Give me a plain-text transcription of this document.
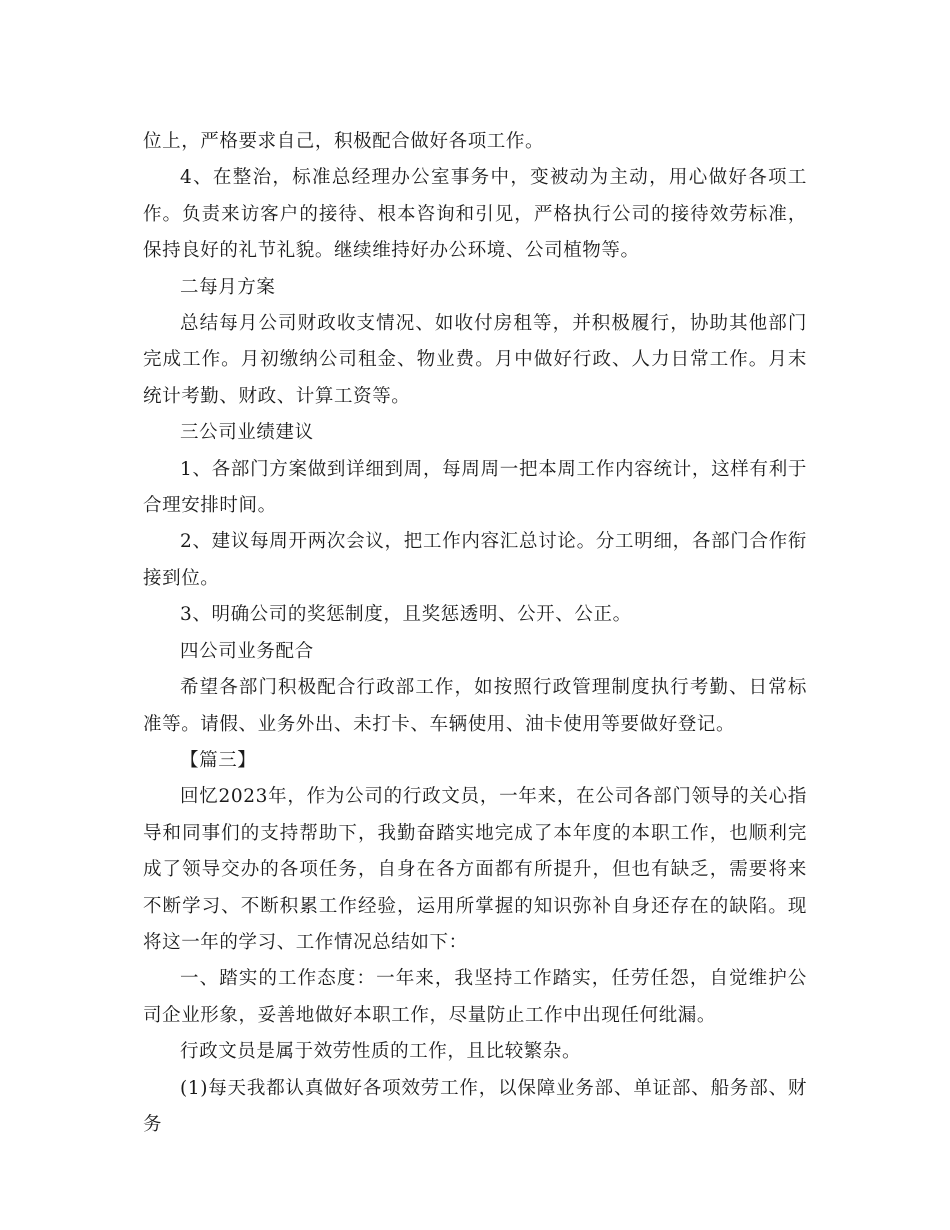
位上，严格要求自己，积极配合做好各项工作。

4、在整治，标准总经理办公室事务中，变被动为主动，用心做好各项工作。负责来访客户的接待、根本咨询和引见，严格执行公司的接待效劳标准，保持良好的礼节礼貌。继续维持好办公环境、公司植物等。

二每月方案

总结每月公司财政收支情况、如收付房租等，并积极履行，协助其他部门完成工作。月初缴纳公司租金、物业费。月中做好行政、人力日常工作。月末统计考勤、财政、计算工资等。

三公司业绩建议

1、各部门方案做到详细到周，每周周一把本周工作内容统计，这样有利于合理安排时间。

2、建议每周开两次会议，把工作内容汇总讨论。分工明细，各部门合作衔接到位。

3、明确公司的奖惩制度，且奖惩透明、公开、公正。

四公司业务配合

希望各部门积极配合行政部工作，如按照行政管理制度执行考勤、日常标准等。请假、业务外出、未打卡、车辆使用、油卡使用等要做好登记。

【篇三】

回忆2023年，作为公司的行政文员，一年来，在公司各部门领导的关心指导和同事们的支持帮助下，我勤奋踏实地完成了本年度的本职工作，也顺利完成了领导交办的各项任务，自身在各方面都有所提升，但也有缺乏，需要将来不断学习、不断积累工作经验，运用所掌握的知识弥补自身还存在的缺陷。现将这一年的学习、工作情况总结如下：

一、踏实的工作态度：一年来，我坚持工作踏实，任劳任怨，自觉维护公司企业形象，妥善地做好本职工作，尽量防止工作中出现任何纰漏。

行政文员是属于效劳性质的工作，且比较繁杂。

(1)每天我都认真做好各项效劳工作，以保障业务部、单证部、船务部、财务
